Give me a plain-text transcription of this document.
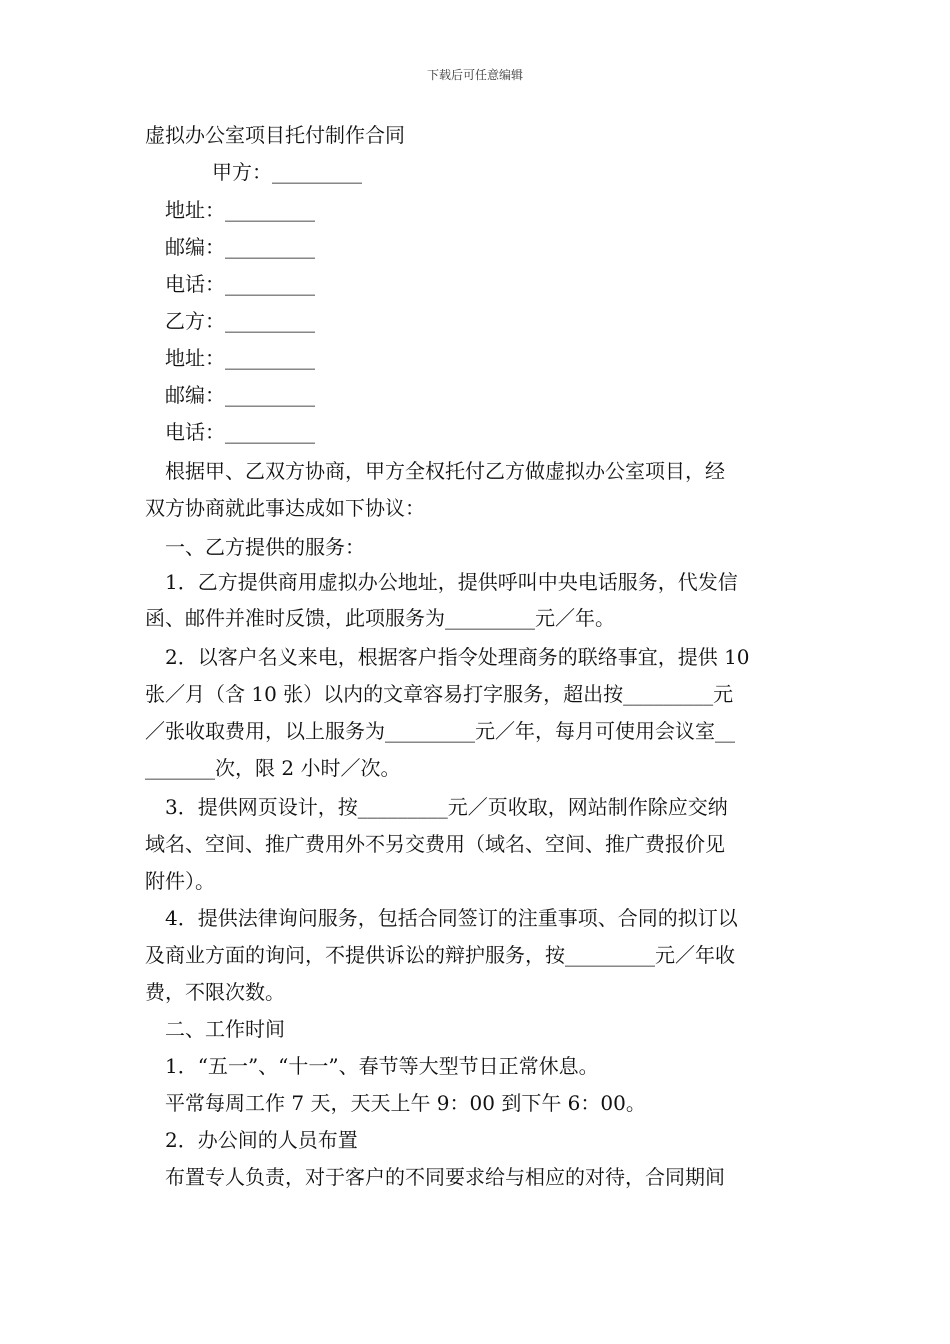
下载后可任意编辑
虚拟办公室项目托付制作合同
甲方：_________
地址：_________
邮编：_________
电话：_________
乙方：_________
地址：_________
邮编：_________
电话：_________
根据甲、乙双方协商，甲方全权托付乙方做虚拟办公室项目，经
双方协商就此事达成如下协议：
一、乙方提供的服务：
1．乙方提供商用虚拟办公地址，提供呼叫中央电话服务，代发信
函、邮件并准时反馈，此项服务为_________元／年。
2．以客户名义来电，根据客户指令处理商务的联络事宜，提供 10
张／月（含 10 张）以内的文章容易打字服务，超出按_________元
／张收取费用，以上服务为_________元／年，每月可使用会议室__
_______次，限 2 小时／次。
3．提供网页设计，按_________元／页收取，网站制作除应交纳
域名、空间、推广费用外不另交费用（域名、空间、推广费报价见
附件）。
4．提供法律询问服务，包括合同签订的注重事项、合同的拟订以
及商业方面的询问，不提供诉讼的辩护服务，按_________元／年收
费，不限次数。
二、工作时间
1．“五一”、“十一”、春节等大型节日正常休息。
平常每周工作 7 天，天天上午 9：00 到下午 6：00。
2．办公间的人员布置
布置专人负责，对于客户的不同要求给与相应的对待，合同期间
